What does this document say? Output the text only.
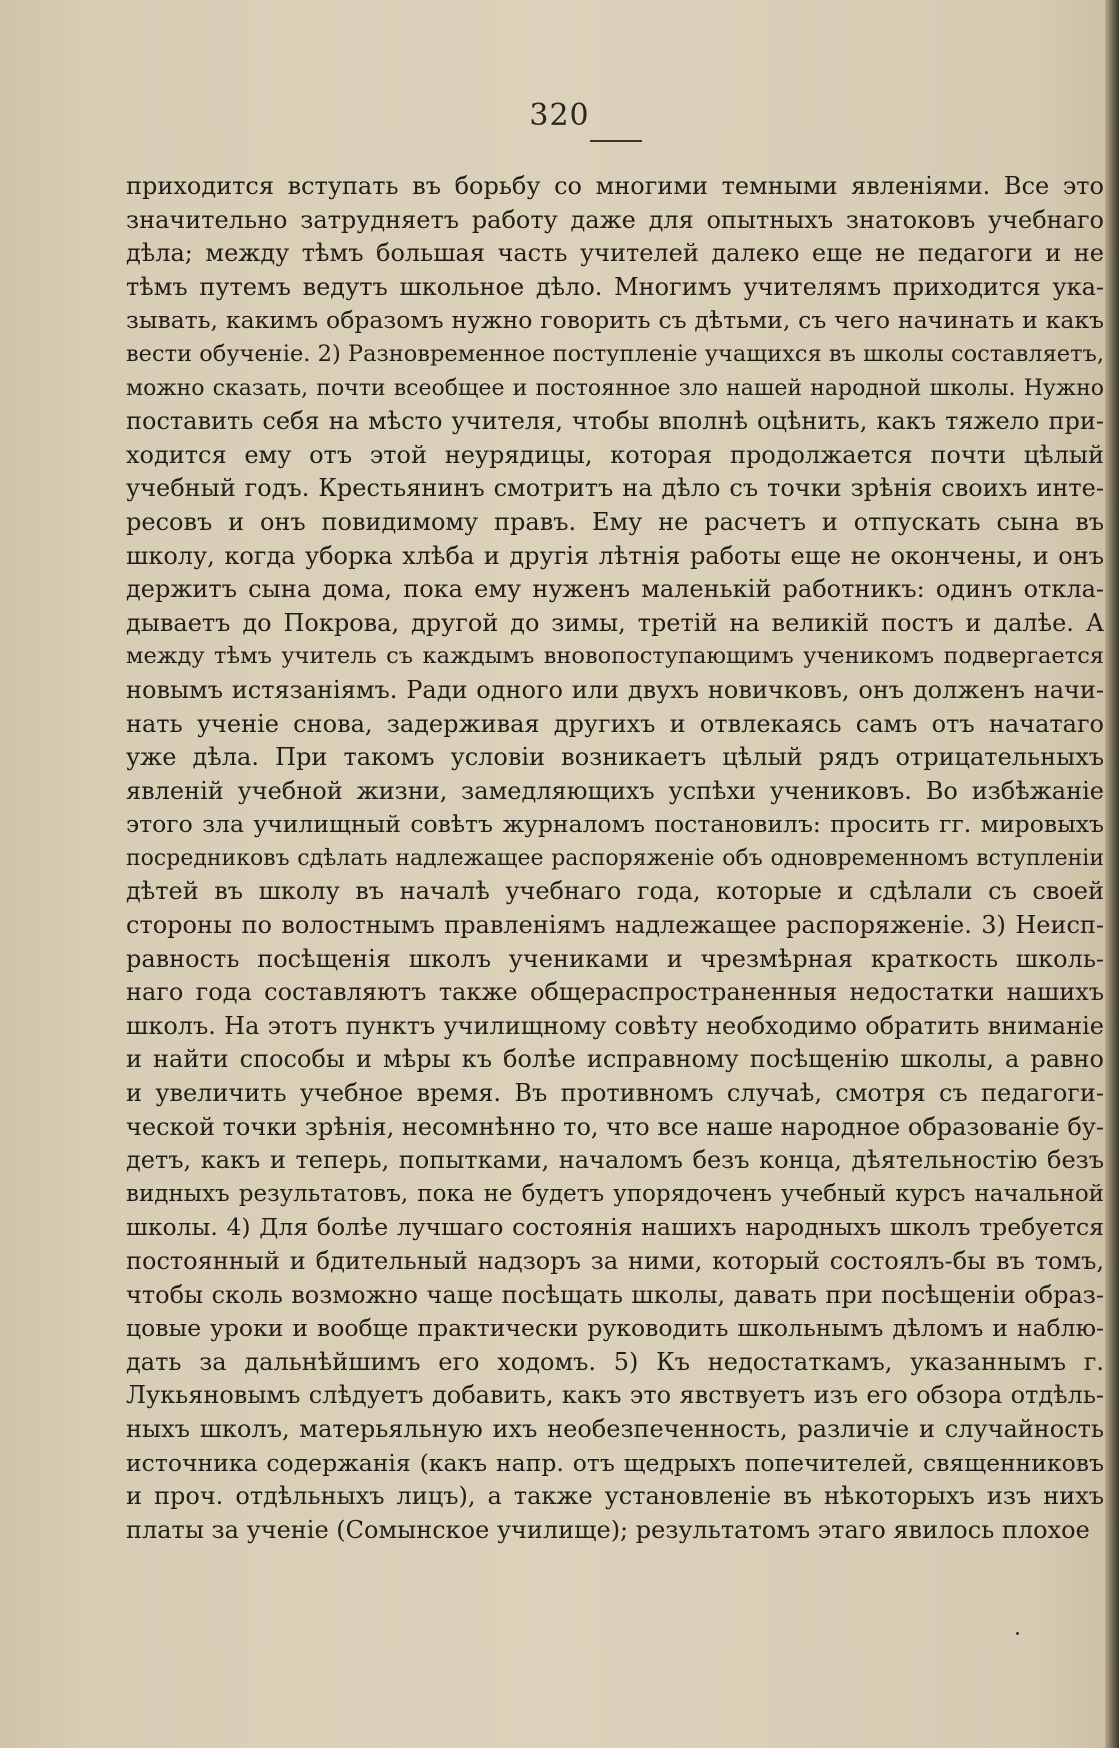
320
приходится вступать въ борьбу со многими темными явленіями. Все это
значительно затрудняетъ работу даже для опытныхъ знатоковъ учебнаго
дѣла; между тѣмъ большая часть учителей далеко еще не педагоги и не
тѣмъ путемъ ведутъ школьное дѣло. Многимъ учителямъ приходится ука-
зывать, какимъ образомъ нужно говорить съ дѣтьми, съ чего начинать и какъ
вести обученіе. 2) Разновременное поступленіе учащихся въ школы составляетъ,
можно сказать, почти всеобщее и постоянное зло нашей народной школы. Нужно
поставить себя на мѣсто учителя, чтобы вполнѣ оцѣнить, какъ тяжело при-
ходится ему отъ этой неурядицы, которая продолжается почти цѣлый
учебный годъ. Крестьянинъ смотритъ на дѣло съ точки зрѣнія своихъ инте-
ресовъ и онъ повидимому правъ. Ему не расчетъ и отпускать сына въ
школу, когда уборка хлѣба и другія лѣтнія работы еще не окончены, и онъ
держитъ сына дома, пока ему нуженъ маленькій работникъ: одинъ откла-
дываетъ до Покрова, другой до зимы, третій на великій постъ и далѣе. А
между тѣмъ учитель съ каждымъ вновопоступающимъ ученикомъ подвергается
новымъ истязаніямъ. Ради одного или двухъ новичковъ, онъ долженъ начи-
нать ученіе снова, задерживая другихъ и отвлекаясь самъ отъ начатаго
уже дѣла. При такомъ условіи возникаетъ цѣлый рядъ отрицательныхъ
явленій учебной жизни, замедляющихъ успѣхи учениковъ. Во избѣжаніе
этого зла училищный совѣтъ журналомъ постановилъ: просить гг. мировыхъ
посредниковъ сдѣлать надлежащее распоряженіе объ одновременномъ вступленіи
дѣтей въ школу въ началѣ учебнаго года, которые и сдѣлали съ своей
стороны по волостнымъ правленіямъ надлежащее распоряженіе. 3) Неисп-
равность посѣщенія школъ учениками и чрезмѣрная краткость школь-
наго года составляютъ также общераспространенныя недостатки нашихъ
школъ. На этотъ пунктъ училищному совѣту необходимо обратить вниманіе
и найти способы и мѣры къ болѣе исправному посѣщенію школы, а равно
и увеличить учебное время. Въ противномъ случаѣ, смотря съ педагоги-
ческой точки зрѣнія, несомнѣнно то, что все наше народное образованіе бу-
детъ, какъ и теперь, попытками, началомъ безъ конца, дѣятельностію безъ
видныхъ результатовъ, пока не будетъ упорядоченъ учебный курсъ начальной
школы. 4) Для болѣе лучшаго состоянія нашихъ народныхъ школъ требуется
постоянный и бдительный надзоръ за ними, который состоялъ-бы въ томъ,
чтобы сколь возможно чаще посѣщать школы, давать при посѣщеніи образ-
цовые уроки и вообще практически руководить школьнымъ дѣломъ и наблю-
дать за дальнѣйшимъ его ходомъ. 5) Къ недостаткамъ, указаннымъ г.
Лукьяновымъ слѣдуетъ добавить, какъ это явствуетъ изъ его обзора отдѣль-
ныхъ школъ, матерьяльную ихъ необезпеченность, различіе и случайность
источника содержанія (какъ напр. отъ щедрыхъ попечителей, священниковъ
и проч. отдѣльныхъ лицъ), а также установленіе въ нѣкоторыхъ изъ нихъ
платы за ученіе (Сомынское училище); результатомъ этаго явилось плохое
